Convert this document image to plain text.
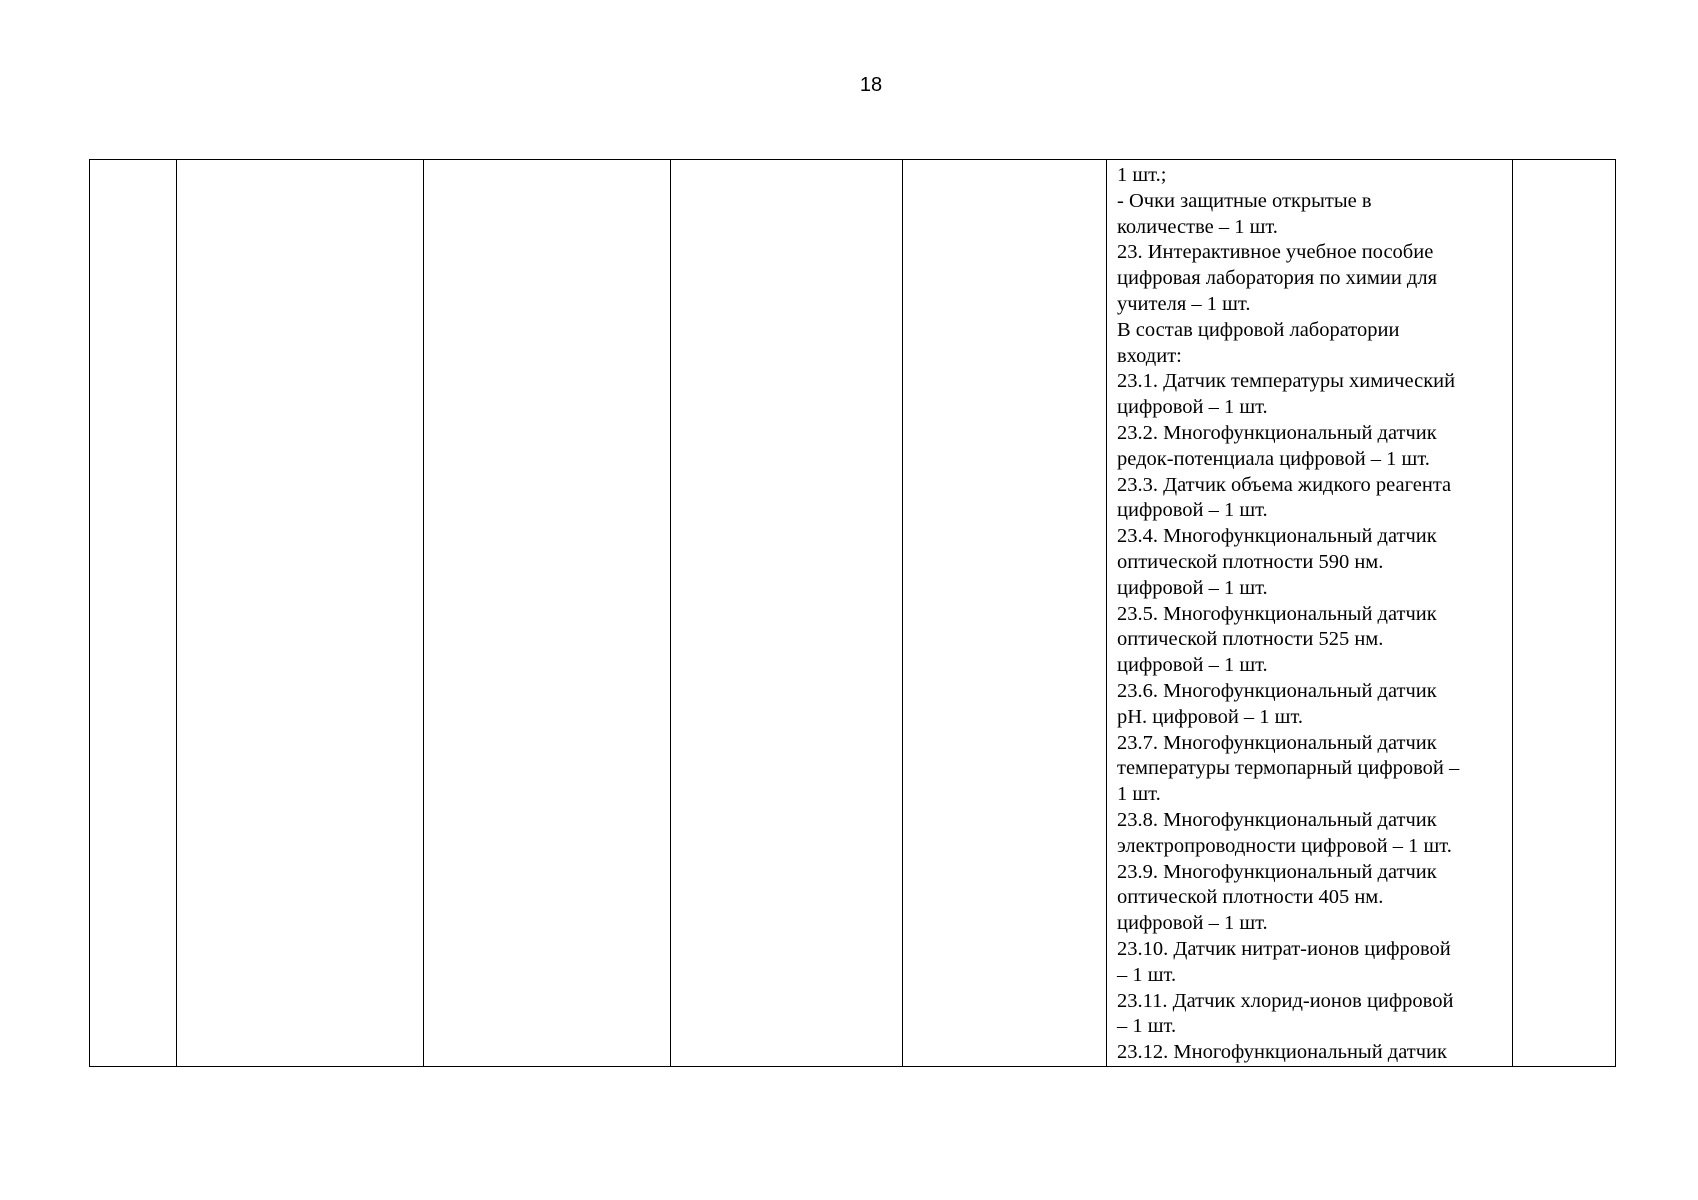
18

1 шт.;
- Очки защитные открытые в
количестве – 1 шт.
23. Интерактивное учебное пособие
цифровая лаборатория по химии для
учителя – 1 шт.
В состав цифровой лаборатории
входит:
23.1. Датчик температуры химический
цифровой – 1 шт.
23.2. Многофункциональный датчик
редок-потенциала цифровой – 1 шт.
23.3. Датчик объема жидкого реагента
цифровой – 1 шт.
23.4. Многофункциональный датчик
оптической плотности 590 нм.
цифровой – 1 шт.
23.5. Многофункциональный датчик
оптической плотности 525 нм.
цифровой – 1 шт.
23.6. Многофункциональный датчик
pH. цифровой – 1 шт.
23.7. Многофункциональный датчик
температуры термопарный цифровой –
1 шт.
23.8. Многофункциональный датчик
электропроводности цифровой – 1 шт.
23.9. Многофункциональный датчик
оптической плотности 405 нм.
цифровой – 1 шт.
23.10. Датчик нитрат-ионов цифровой
– 1 шт.
23.11. Датчик хлорид-ионов цифровой
– 1 шт.
23.12. Многофункциональный датчик
